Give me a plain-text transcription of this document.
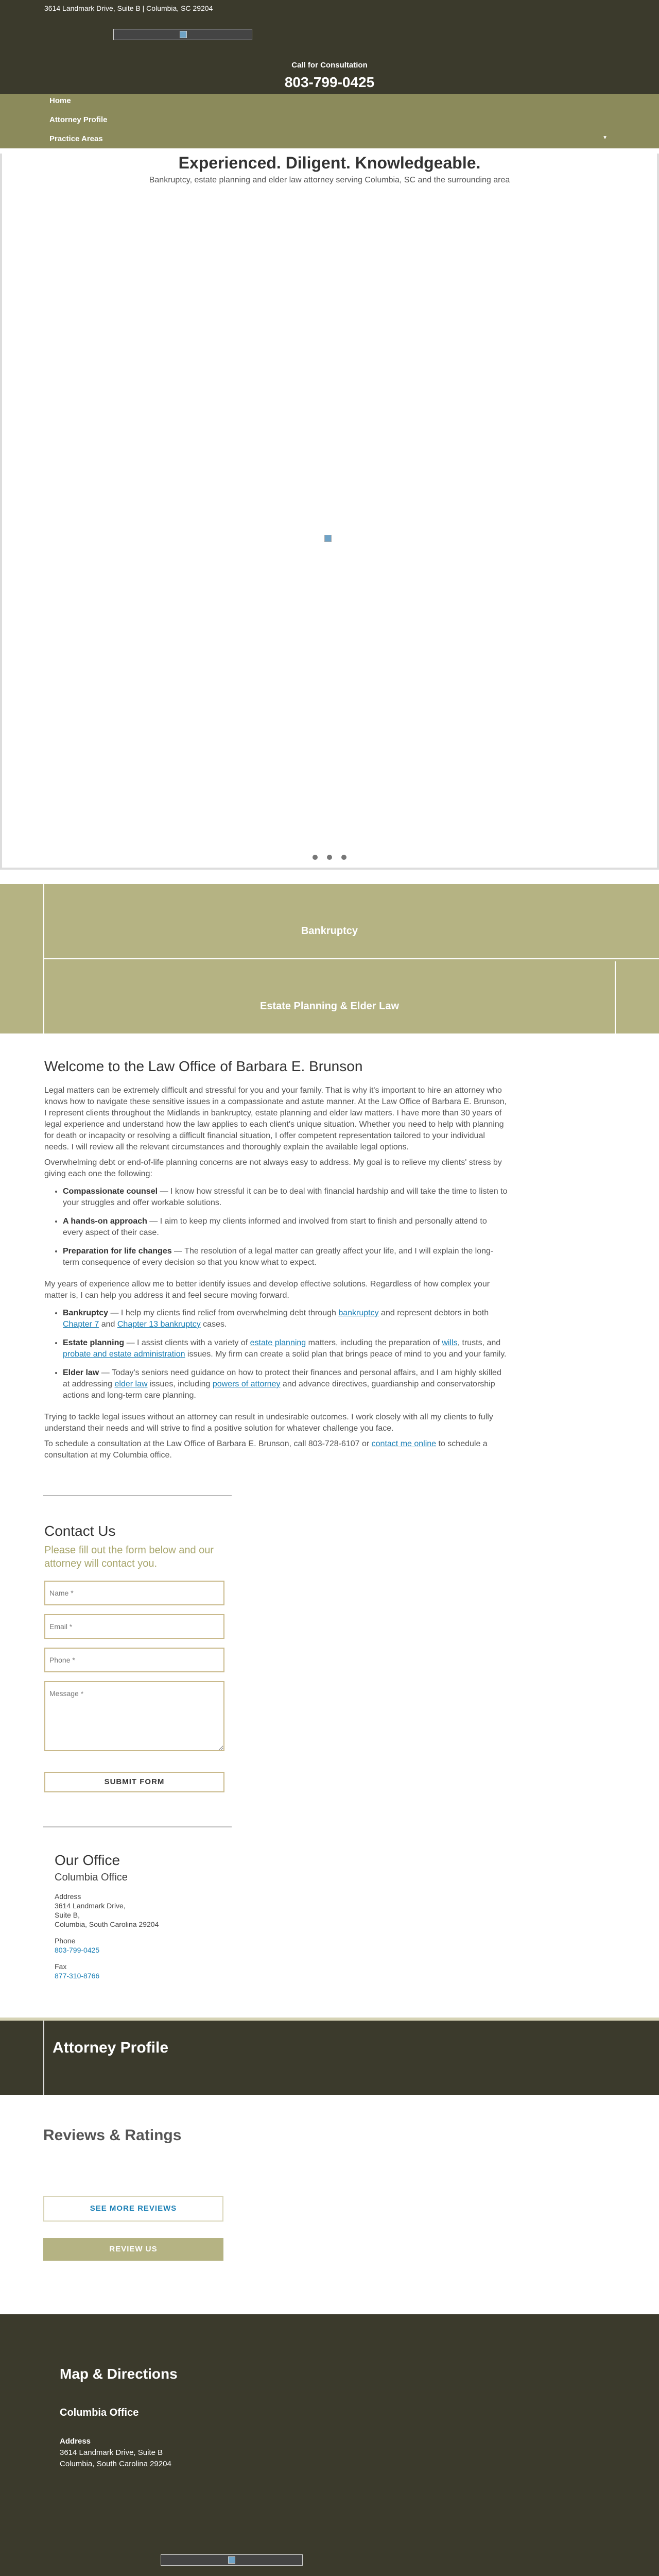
3614 Landmark Drive, Suite B | Columbia, SC 29204
Call for Consultation
803-799-0425
Home
Attorney Profile
Practice Areas
Reviews & Ratings
Contact Us
Map & Directions
▼
Experienced. Diligent. Knowledgeable.
Bankruptcy, estate planning and elder law attorney serving Columbia, SC and the surrounding area
Bankruptcy
Estate Planning & Elder Law
Welcome to the Law Office of Barbara E. Brunson

Legal matters can be extremely difficult and stressful for you and your family. That is why it's important to hire an attorney who knows how to navigate these sensitive issues in a compassionate and astute manner. At the Law Office of Barbara E. Brunson, I represent clients throughout the Midlands in bankruptcy, estate planning and elder law matters. I have more than 30 years of legal experience and understand how the law applies to each client's unique situation. Whether you need to help with planning for death or incapacity or resolving a difficult financial situation, I offer competent representation tailored to your individual needs. I will review all the relevant circumstances and thoroughly explain the available legal options.

Overwhelming debt or end-of-life planning concerns are not always easy to address. My goal is to relieve my clients' stress by giving each one the following:

• Compassionate counsel — I know how stressful it can be to deal with financial hardship and will take the time to listen to your struggles and offer workable solutions.
• A hands-on approach — I aim to keep my clients informed and involved from start to finish and personally attend to every aspect of their case.
• Preparation for life changes — The resolution of a legal matter can greatly affect your life, and I will explain the long-term consequence of every decision so that you know what to expect.

My years of experience allow me to better identify issues and develop effective solutions. Regardless of how complex your matter is, I can help you address it and feel secure moving forward.

• Bankruptcy — I help my clients find relief from overwhelming debt through bankruptcy and represent debtors in both Chapter 7 and Chapter 13 bankruptcy cases.
• Estate planning — I assist clients with a variety of estate planning matters, including the preparation of wills, trusts, and probate and estate administration issues. My firm can create a solid plan that brings peace of mind to you and your family.
• Elder law — Today's seniors need guidance on how to protect their finances and personal affairs, and I am highly skilled at addressing elder law issues, including powers of attorney and advance directives, guardianship and conservatorship actions and long-term care planning.

Trying to tackle legal issues without an attorney can result in undesirable outcomes. I work closely with all my clients to fully understand their needs and will strive to find a positive solution for whatever challenge you face.

To schedule a consultation at the Law Office of Barbara E. Brunson, call 803-728-6107 or contact me online to schedule a consultation at my Columbia office.

Contact Us
Please fill out the form below and our attorney will contact you.
Name *
Email *
Phone *
Message *
SUBMIT FORM
Our Office
Columbia Office
Address
3614 Landmark Drive,
Suite B,
Columbia, South Carolina 29204
Phone
803-799-0425
Fax
877-310-8766
Attorney Profile
Reviews & Ratings
SEE MORE REVIEWS
REVIEW US
Map & Directions
Columbia Office
Address
3614 Landmark Drive, Suite B
Columbia, South Carolina 29204
